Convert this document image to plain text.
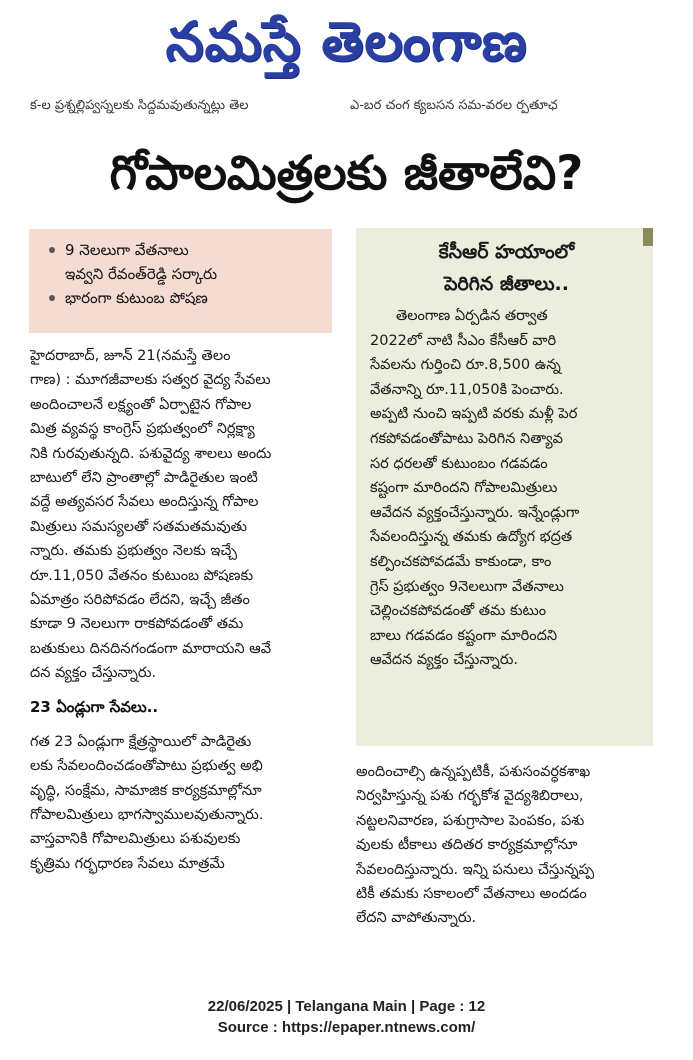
నమస్తే తెలంగాణ
క-ల ప్రశ్నల్లిప్వస్నలకు సిద్ధమవుతున్నట్లు తెల	ఎ-బర చంగ క్యబసన సమ-వరల ర్పతూఛ
గోపాలమిత్రలకు జీతాలేవి?
9 నెలలుగా వేతనాలు
ఇవ్వని రేవంత్‌రెడ్డి సర్కారు
భారంగా కుటుంబ పోషణ
హైదరాబాద్, జూన్ 21(నమస్తే తెలం
గాణ) : మూగజీవాలకు సత్వర వైద్య సేవలు
అందించాలనే లక్ష్యంతో ఏర్పాటైన గోపాల
మిత్ర వ్యవస్థ కాంగ్రెస్ ప్రభుత్వంలో నిర్లక్ష్యా
నికి గురవుతున్నది. పశువైద్య శాలలు అందు
బాటులో లేని ప్రాంతాల్లో పాడిరైతుల ఇంటి
వద్దే అత్యవసర సేవలు అందిస్తున్న గోపాల
మిత్రులు సమస్యలతో సతమతమవుతు
న్నారు. తమకు ప్రభుత్వం నెలకు ఇచ్చే
రూ.11,050 వేతనం కుటుంబ పోషణకు
ఏమాత్రం సరిపోవడం లేదని, ఇచ్చే జీతం
కూడా 9 నెలలుగా రాకపోవడంతో తమ
బతుకులు దినదినగండంగా మారాయని ఆవే
దన వ్యక్తం చేస్తున్నారు.
23 ఏండ్లుగా సేవలు..
గత 23 ఏండ్లుగా క్షేత్రస్థాయిలో పాడిరైతు
లకు సేవలందించడంతోపాటు ప్రభుత్వ అభి
వృద్ధి, సంక్షేమ, సామాజిక కార్యక్రమాల్లోనూ
గోపాలమిత్రులు భాగస్వాములవుతున్నారు.
వాస్తవానికి గోపాలమిత్రులు పశువులకు
కృత్రిమ గర్భధారణ సేవలు మాత్రమే
కేసీఆర్ హయాంలో
పెరిగిన జీతాలు..
తెలంగాణ ఏర్పడిన తర్వాత
2022లో నాటి సీఎం కేసీఆర్ వారి
సేవలను గుర్తించి రూ.8,500 ఉన్న
వేతనాన్ని రూ.11,050కి పెంచారు.
అప్పటి నుంచి ఇప్పటి వరకు మళ్లీ పెర
గకపోవడంతోపాటు పెరిగిన నిత్యావ
సర ధరలతో కుటుంబం గడవడం
కష్టంగా మారిందని గోపాలమిత్రులు
ఆవేదన వ్యక్తంచేస్తున్నారు. ఇన్నేండ్లుగా
సేవలందిస్తున్న తమకు ఉద్యోగ భద్రత
కల్పించకపోవడమే కాకుండా, కాం
గ్రెస్ ప్రభుత్వం 9నెలలుగా వేతనాలు
చెల్లించకపోవడంతో తమ కుటుం
బాలు గడవడం కష్టంగా మారిందని
ఆవేదన వ్యక్తం చేస్తున్నారు.
అందించాల్సి ఉన్నప్పటికీ, పశుసంవర్ధకశాఖ
నిర్వహిస్తున్న పశు గర్భకోశ వైద్యశిబిరాలు,
నట్టలనివారణ, పశుగ్రాసాల పెంపకం, పశు
వులకు టీకాలు తదితర కార్యక్రమాల్లోనూ
సేవలందిస్తున్నారు. ఇన్ని పనులు చేస్తున్నప్ప
టికీ తమకు సకాలంలో వేతనాలు అందడం
లేదని వాపోతున్నారు.
22/06/2025 | Telangana Main | Page : 12
Source : https://epaper.ntnews.com/
